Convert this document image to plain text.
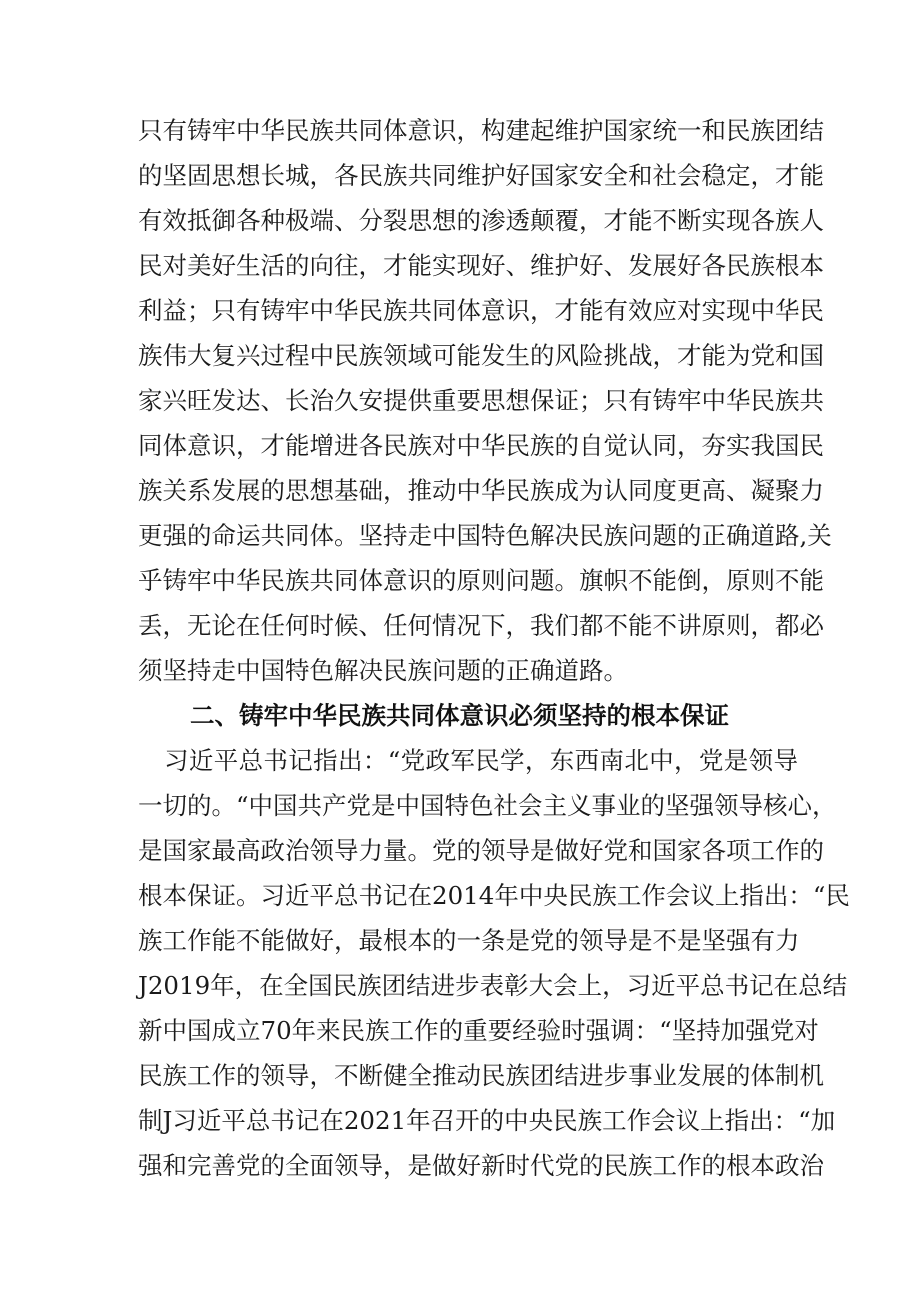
只有铸牢中华民族共同体意识，构建起维护国家统一和民族团结
的坚固思想长城，各民族共同维护好国家安全和社会稳定，才能
有效抵御各种极端、分裂思想的渗透颠覆，才能不断实现各族人
民对美好生活的向往，才能实现好、维护好、发展好各民族根本
利益；只有铸牢中华民族共同体意识，才能有效应对实现中华民
族伟大复兴过程中民族领域可能发生的风险挑战，才能为党和国
家兴旺发达、长治久安提供重要思想保证；只有铸牢中华民族共
同体意识，才能增进各民族对中华民族的自觉认同，夯实我国民
族关系发展的思想基础，推动中华民族成为认同度更高、凝聚力
更强的命运共同体。坚持走中国特色解决民族问题的正确道路,关
乎铸牢中华民族共同体意识的原则问题。旗帜不能倒，原则不能
丢，无论在任何时候、任何情况下，我们都不能不讲原则，都必
须坚持走中国特色解决民族问题的正确道路。
二、铸牢中华民族共同体意识必须坚持的根本保证
习近平总书记指出：“党政军民学，东西南北中，党是领导
一切的。“中国共产党是中国特色社会主义事业的坚强领导核心，
是国家最高政治领导力量。党的领导是做好党和国家各项工作的
根本保证。习近平总书记在2014年中央民族工作会议上指出：“民
族工作能不能做好，最根本的一条是党的领导是不是坚强有力
J2019年，在全国民族团结进步表彰大会上，习近平总书记在总结
新中国成立70年来民族工作的重要经验时强调：“坚持加强党对
民族工作的领导，不断健全推动民族团结进步事业发展的体制机
制J习近平总书记在2021年召开的中央民族工作会议上指出：“加
强和完善党的全面领导，是做好新时代党的民族工作的根本政治
